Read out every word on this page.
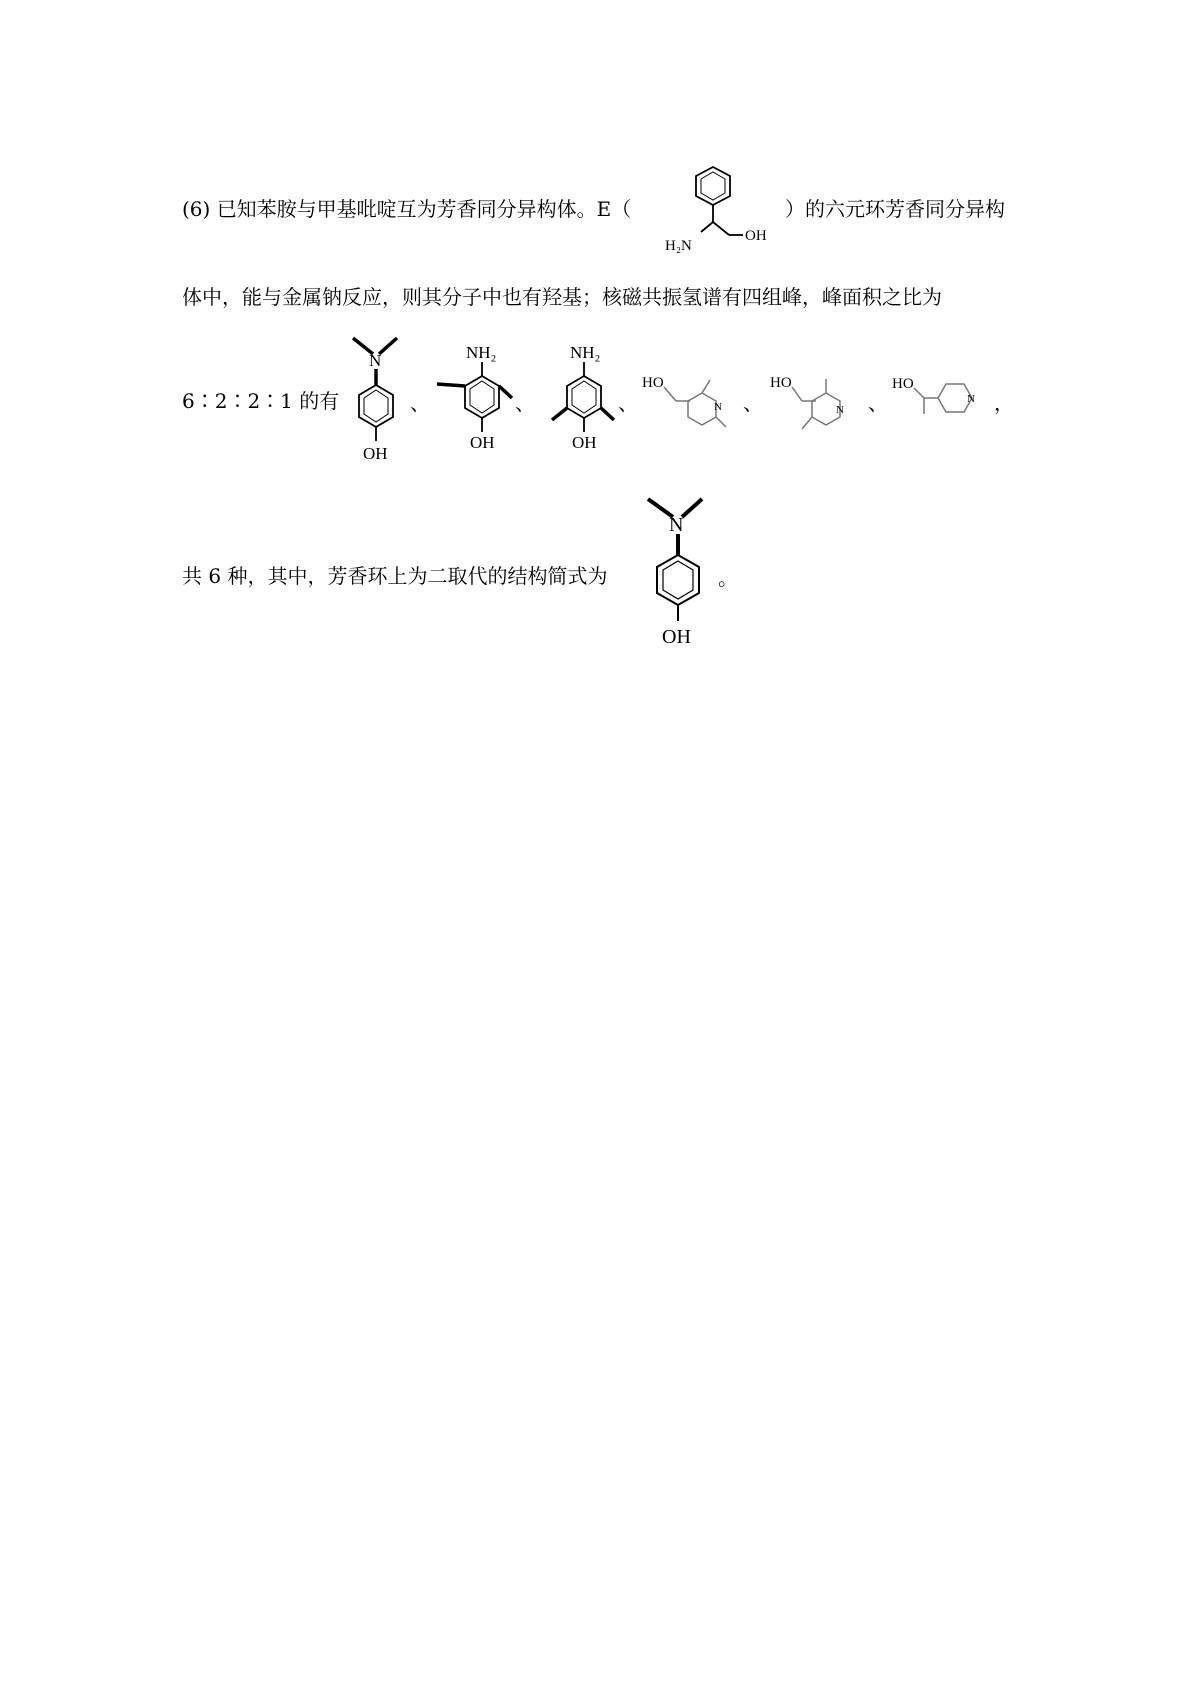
(6) 已知苯胺与甲基吡啶互为芳香同分异构体。E（
H₂N
OH
）的六元环芳香同分异构
体中，能与金属钠反应，则其分子中也有羟基；核磁共振氢谱有四组峰，峰面积之比为
6∶2∶2∶1 的有
N
OH
、
NH₂
OH
、
NH₂
OH
、
HO
N 、
HO
N 、
HO
N ，
共 6 种，其中，芳香环上为二取代的结构简式为
N
OH
。
